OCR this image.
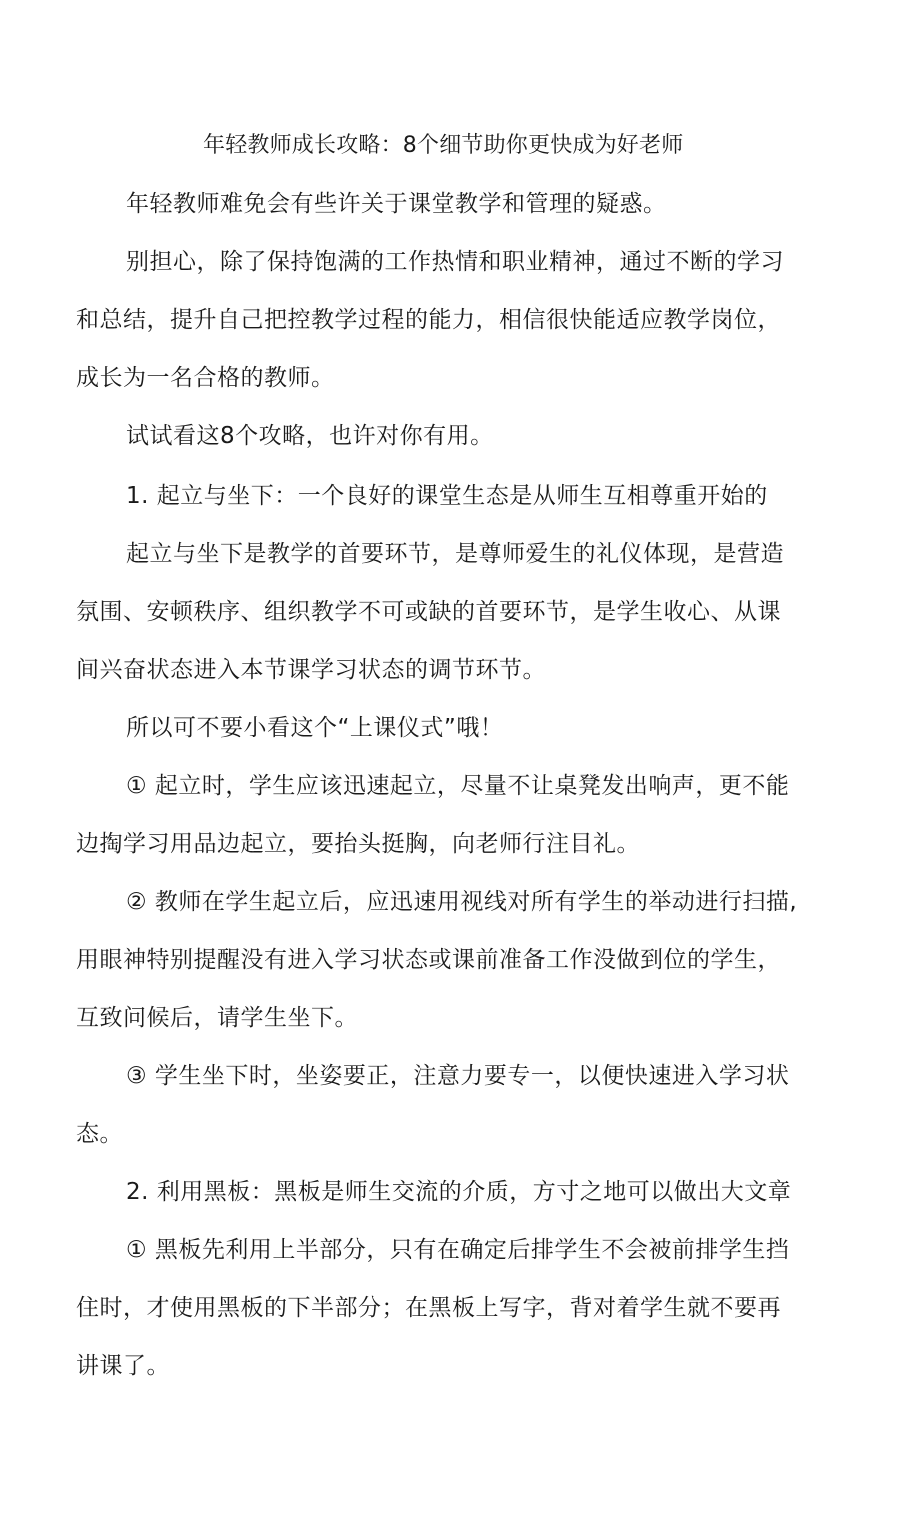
年轻教师成长攻略：8个细节助你更快成为好老师

年轻教师难免会有些许关于课堂教学和管理的疑惑。

别担心，除了保持饱满的工作热情和职业精神，通过不断的学习

和总结，提升自己把控教学过程的能力，相信很快能适应教学岗位，

成长为一名合格的教师。

试试看这8个攻略，也许对你有用。

1. 起立与坐下：一个良好的课堂生态是从师生互相尊重开始的

起立与坐下是教学的首要环节，是尊师爱生的礼仪体现，是营造

氛围、安顿秩序、组织教学不可或缺的首要环节，是学生收心、从课

间兴奋状态进入本节课学习状态的调节环节。

所以可不要小看这个“上课仪式”哦！

① 起立时，学生应该迅速起立，尽量不让桌凳发出响声，更不能

边掏学习用品边起立，要抬头挺胸，向老师行注目礼。

② 教师在学生起立后，应迅速用视线对所有学生的举动进行扫描,

用眼神特别提醒没有进入学习状态或课前准备工作没做到位的学生，

互致问候后，请学生坐下。

③ 学生坐下时，坐姿要正，注意力要专一，以便快速进入学习状

态。

2. 利用黑板：黑板是师生交流的介质，方寸之地可以做出大文章

① 黑板先利用上半部分，只有在确定后排学生不会被前排学生挡

住时，才使用黑板的下半部分；在黑板上写字，背对着学生就不要再

讲课了。
